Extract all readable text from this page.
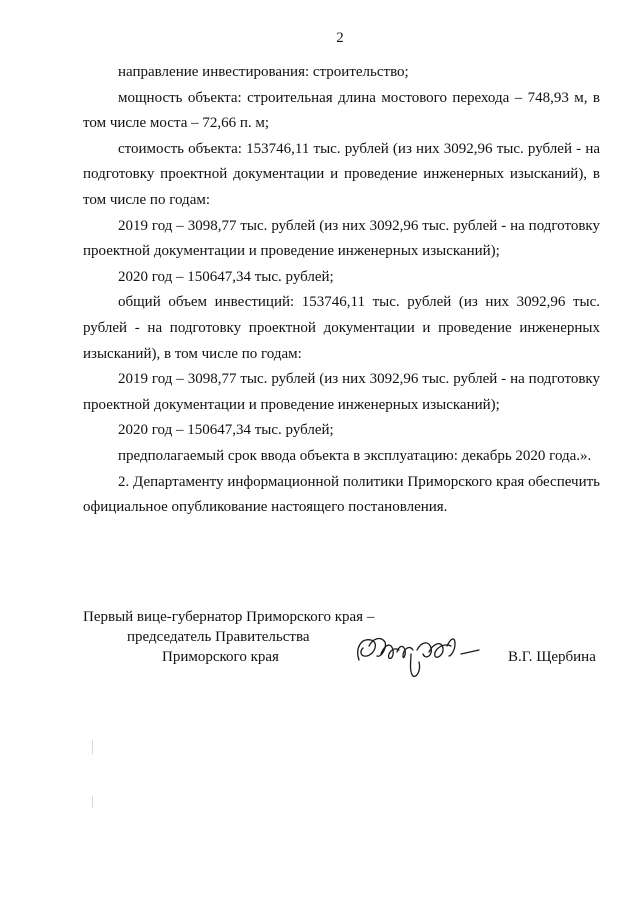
2

направление инвестирования: строительство;

мощность объекта: строительная длина мостового перехода – 748,93 м, в том числе моста – 72,66 п. м;

стоимость объекта: 153746,11 тыс. рублей (из них 3092,96 тыс. рублей - на подготовку проектной документации и проведение инженерных изысканий), в том числе по годам:

2019 год – 3098,77 тыс. рублей (из них 3092,96 тыс. рублей - на подготовку проектной документации и проведение инженерных изысканий);

2020 год – 150647,34 тыс. рублей;

общий объем инвестиций: 153746,11 тыс. рублей (из них 3092,96 тыс. рублей - на подготовку проектной документации и проведение инженерных изысканий), в том числе по годам:

2019 год – 3098,77 тыс. рублей (из них 3092,96 тыс. рублей - на подготовку проектной документации и проведение инженерных изысканий);

2020 год – 150647,34 тыс. рублей;

предполагаемый срок ввода объекта в эксплуатацию: декабрь 2020 года.».

2. Департаменту информационной политики Приморского края обеспечить официальное опубликование настоящего постановления.

Первый вице-губернатор Приморского края –
председатель Правительства
Приморского края	В.Г. Щербина
